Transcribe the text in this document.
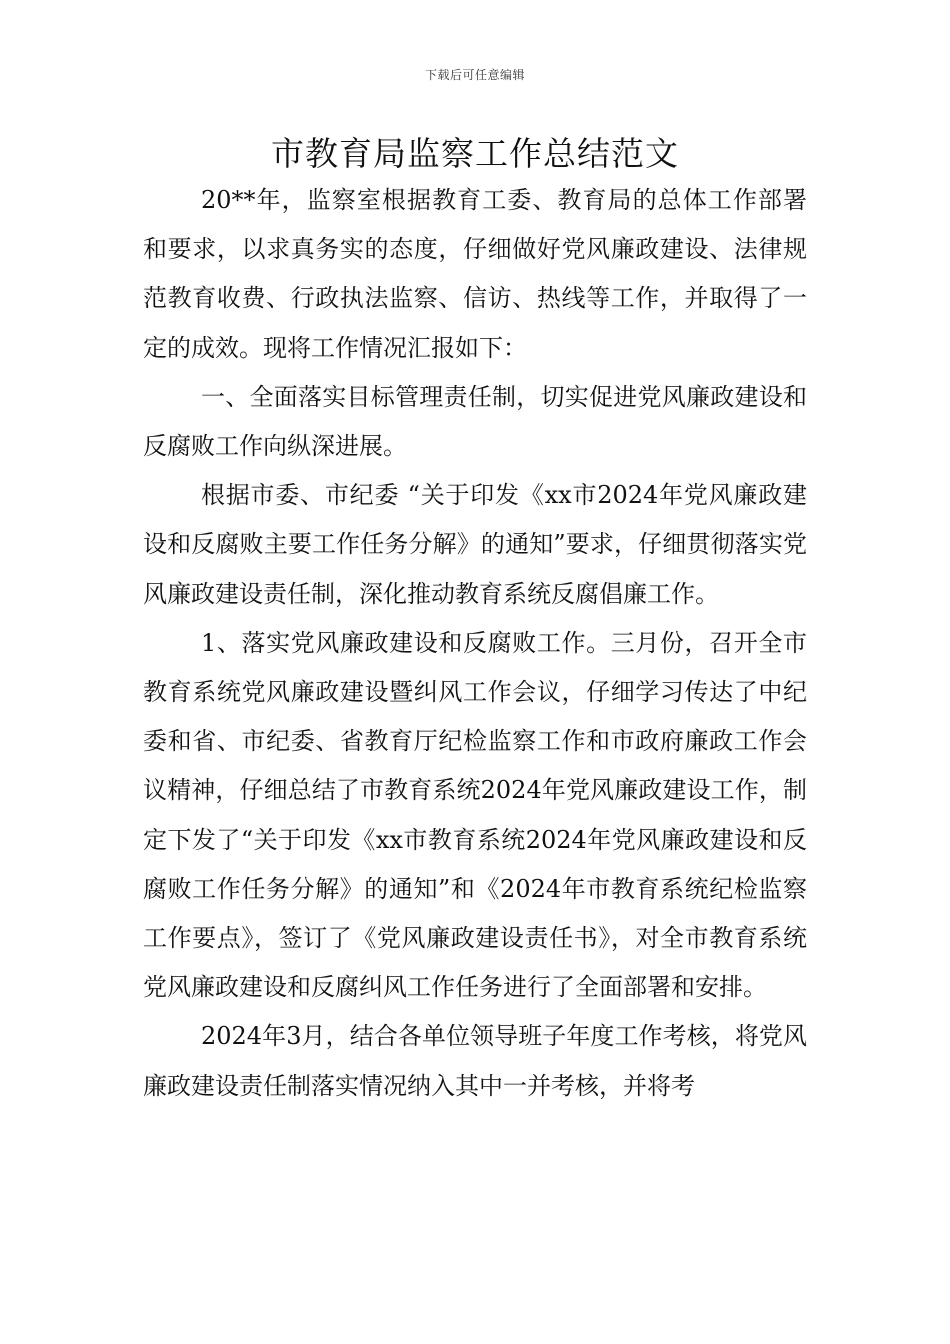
下载后可任意编辑
市教育局监察工作总结范文

20**年，监察室根据教育工委、教育局的总体工作部署和要求，以求真务实的态度，仔细做好党风廉政建设、法律规范教育收费、行政执法监察、信访、热线等工作，并取得了一定的成效。现将工作情况汇报如下：

一、全面落实目标管理责任制，切实促进党风廉政建设和反腐败工作向纵深进展。

根据市委、市纪委 “关于印发《xx市2024年党风廉政建设和反腐败主要工作任务分解》的通知”要求，仔细贯彻落实党风廉政建设责任制，深化推动教育系统反腐倡廉工作。

1、落实党风廉政建设和反腐败工作。三月份，召开全市教育系统党风廉政建设暨纠风工作会议，仔细学习传达了中纪委和省、市纪委、省教育厅纪检监察工作和市政府廉政工作会议精神，仔细总结了市教育系统2024年党风廉政建设工作，制定下发了“关于印发《xx市教育系统2024年党风廉政建设和反腐败工作任务分解》的通知”和《2024年市教育系统纪检监察工作要点》，签订了《党风廉政建设责任书》，对全市教育系统党风廉政建设和反腐纠风工作任务进行了全面部署和安排。

2024年3月，结合各单位领导班子年度工作考核，将党风廉政建设责任制落实情况纳入其中一并考核，并将考
